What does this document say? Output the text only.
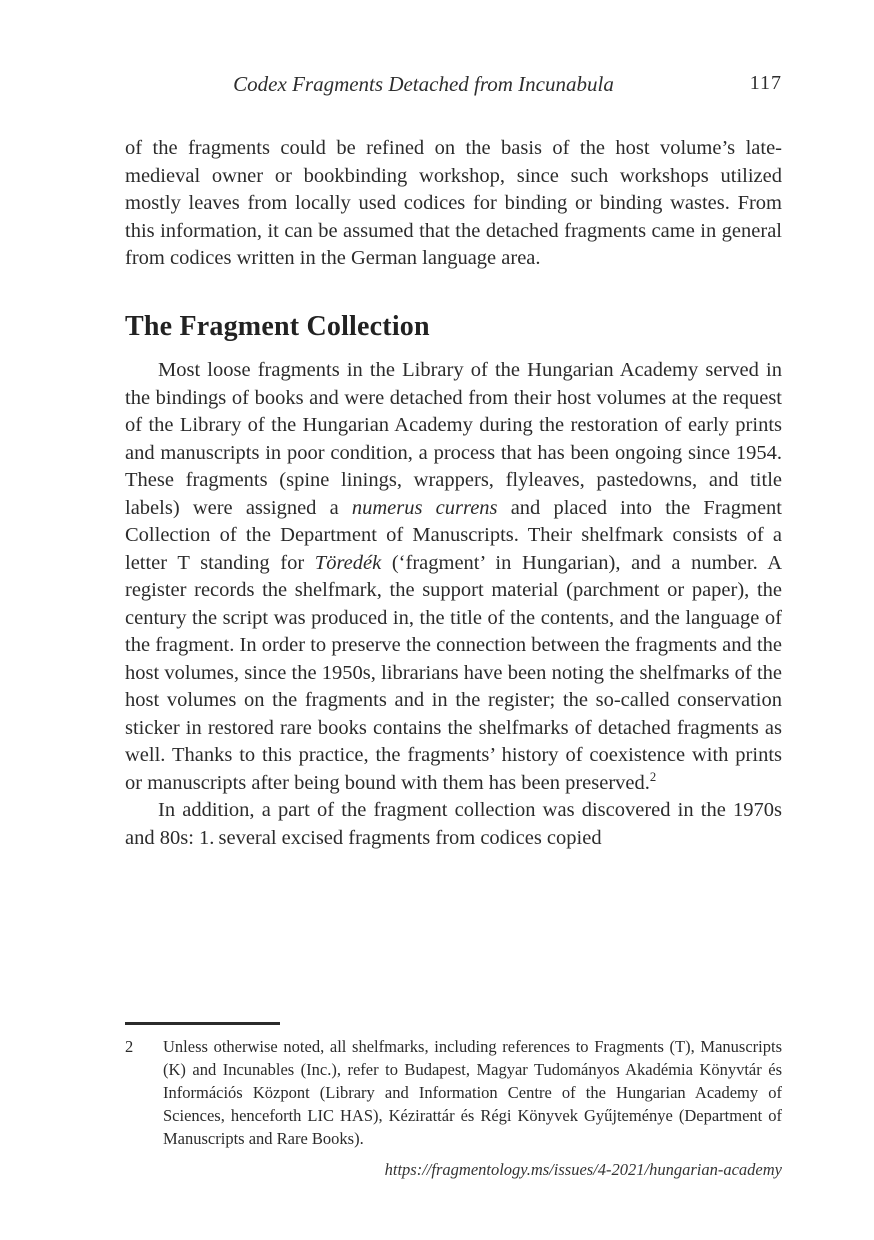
Codex Fragments Detached from Incunabula	117

of the fragments could be refined on the basis of the host volume’s late-medieval owner or bookbinding workshop, since such workshops utilized mostly leaves from locally used codices for binding or binding wastes. From this information, it can be assumed that the detached fragments came in general from codices written in the German language area.

The Fragment Collection

Most loose fragments in the Library of the Hungarian Academy served in the bindings of books and were detached from their host volumes at the request of the Library of the Hungarian Academy during the restoration of early prints and manuscripts in poor condition, a process that has been ongoing since 1954. These fragments (spine linings, wrappers, flyleaves, pastedowns, and title labels) were assigned a numerus currens and placed into the Fragment Collection of the Department of Manuscripts. Their shelfmark consists of a letter T standing for Töredék (‘fragment’ in Hungarian), and a number. A register records the shelfmark, the support material (parchment or paper), the century the script was produced in, the title of the contents, and the language of the fragment. In order to preserve the connection between the fragments and the host volumes, since the 1950s, librarians have been noting the shelfmarks of the host volumes on the fragments and in the register; the so-called conservation sticker in restored rare books contains the shelfmarks of detached fragments as well. Thanks to this practice, the fragments’ history of coexistence with prints or manuscripts after being bound with them has been preserved.$^2$

In addition, a part of the fragment collection was discovered in the 1970s and 80s: 1. several excised fragments from codices copied

2	Unless otherwise noted, all shelfmarks, including references to Fragments (T), Manuscripts (K) and Incunables (Inc.), refer to Budapest, Magyar Tudományos Akadémia Könyvtár és Információs Központ (Library and Information Centre of the Hungarian Academy of Sciences, henceforth LIC HAS), Kézirattár és Régi Könyvek Gyűjteménye (Department of Manuscripts and Rare Books).
https://fragmentology.ms/issues/4-2021/hungarian-academy
